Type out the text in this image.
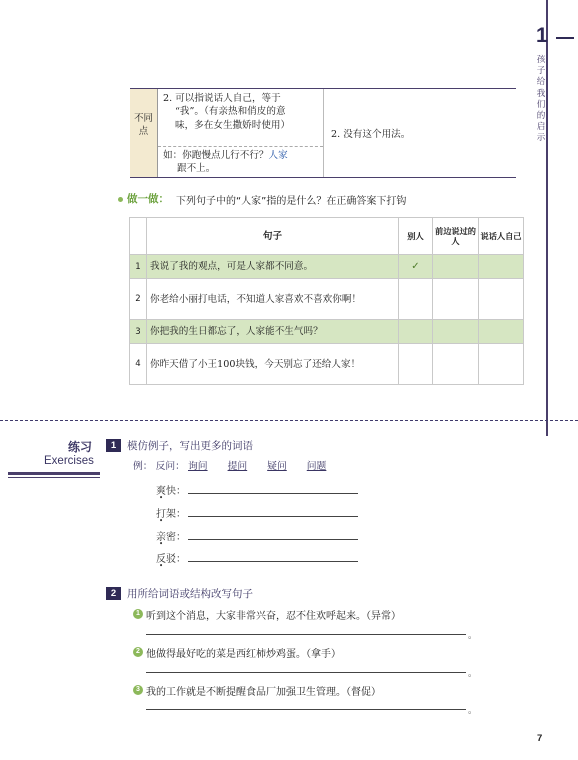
1
孩子给我们的启示
不同点
2. 可以指说话人自己，等于
“我”。（有亲热和俏皮的意
味，多在女生撒娇时使用）
如：你跑慢点儿行不行？人家
跟不上。
2. 没有这个用法。
做一做： 下列句子中的“人家”指的是什么？在正确答案下打钩
	句子	别人	前边说过的人	说话人自己
1	我说了我的观点，可是人家都不同意。	✓		
2	你老给小丽打电话，不知道人家喜欢不喜欢你啊！			
3	你把我的生日都忘了，人家能不生气吗？			
4	你昨天借了小王100块钱，今天别忘了还给人家！			
练习
Exercises
1	模仿例子，写出更多的词语
例： 反问： 询问 提问 疑问 问题
爽快： •
打架： •
亲密： •
反驳： •
2	用所给词语或结构改写句子
1 听到这个消息，大家非常兴奋，忍不住欢呼起来。（异常）
。
2 他做得最好吃的菜是西红柿炒鸡蛋。（拿手）
。
3 我的工作就是不断提醒食品厂加强卫生管理。（督促）
。
7
